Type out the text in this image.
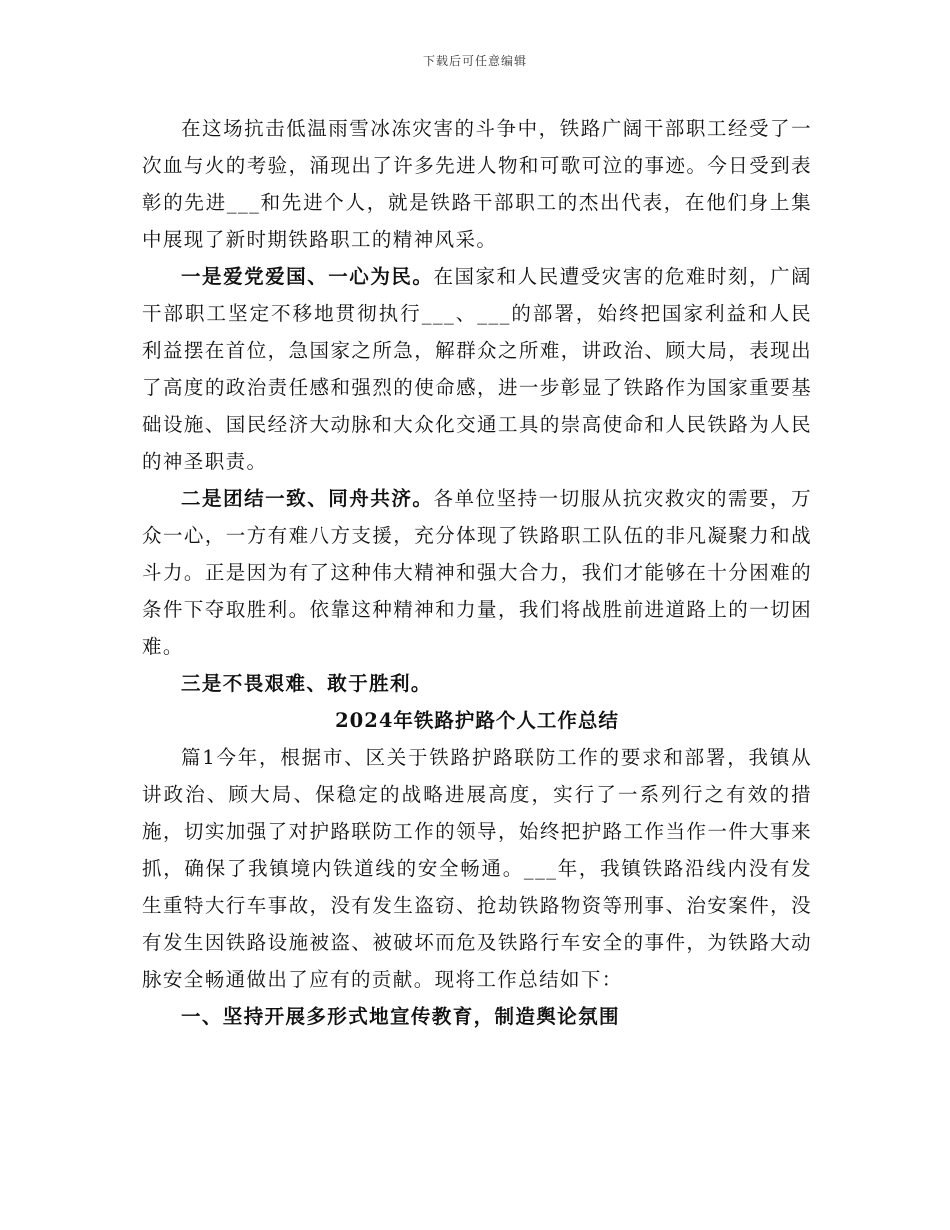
下载后可任意编辑

在这场抗击低温雨雪冰冻灾害的斗争中，铁路广阔干部职工经受了一次血与火的考验，涌现出了许多先进人物和可歌可泣的事迹。今日受到表彰的先进___和先进个人，就是铁路干部职工的杰出代表，在他们身上集中展现了新时期铁路职工的精神风采。

一是爱党爱国、一心为民。在国家和人民遭受灾害的危难时刻，广阔干部职工坚定不移地贯彻执行___、___的部署，始终把国家利益和人民利益摆在首位，急国家之所急，解群众之所难，讲政治、顾大局，表现出了高度的政治责任感和强烈的使命感，进一步彰显了铁路作为国家重要基础设施、国民经济大动脉和大众化交通工具的崇高使命和人民铁路为人民的神圣职责。

二是团结一致、同舟共济。各单位坚持一切服从抗灾救灾的需要，万众一心，一方有难八方支援，充分体现了铁路职工队伍的非凡凝聚力和战斗力。正是因为有了这种伟大精神和强大合力，我们才能够在十分困难的条件下夺取胜利。依靠这种精神和力量，我们将战胜前进道路上的一切困难。

三是不畏艰难、敢于胜利。

2024年铁路护路个人工作总结

篇1今年，根据市、区关于铁路护路联防工作的要求和部署，我镇从讲政治、顾大局、保稳定的战略进展高度，实行了一系列行之有效的措施，切实加强了对护路联防工作的领导，始终把护路工作当作一件大事来抓，确保了我镇境内铁道线的安全畅通。___年，我镇铁路沿线内没有发生重特大行车事故，没有发生盗窃、抢劫铁路物资等刑事、治安案件，没有发生因铁路设施被盗、被破坏而危及铁路行车安全的事件，为铁路大动脉安全畅通做出了应有的贡献。现将工作总结如下：

一、坚持开展多形式地宣传教育，制造舆论氛围
